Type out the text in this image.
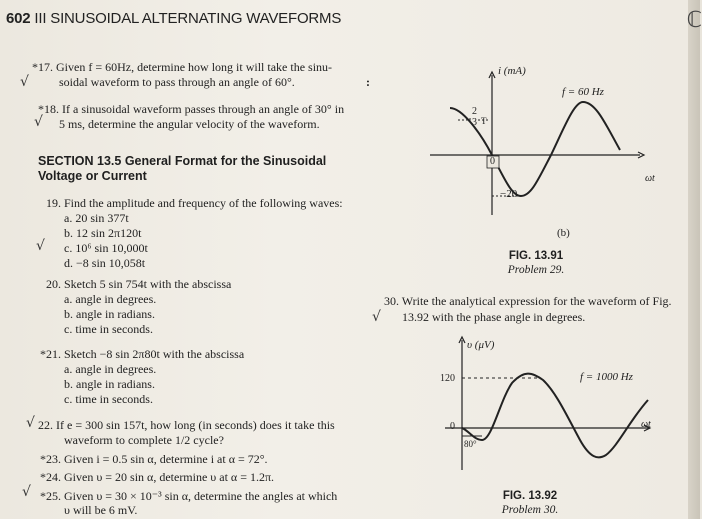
602 III SINUSOIDAL ALTERNATING WAVEFORMS
√
*17. Given f = 60Hz, determine how long it will take the sinu-
soidal waveform to pass through an angle of 60°.	:
*18. If a sinusoidal waveform passes through an angle of 30° in
√ 5 ms, determine the angular velocity of the waveform.
SECTION 13.5 General Format for the Sinusoidal
Voltage or Current
19. Find the amplitude and frequency of the following waves:
a. 20 sin 377t
b. 12 sin 2π120t
√ c. 10⁶ sin 10,000t
d. −8 sin 10,058t
20. Sketch 5 sin 754t with the abscissa
a. angle in degrees.
b. angle in radians.
c. time in seconds.
*21. Sketch −8 sin 2π80t with the abscissa
a. angle in degrees.
b. angle in radians.
c. time in seconds.
√ 22. If e = 300 sin 157t, how long (in seconds) does it take this
waveform to complete 1/2 cycle?
*23. Given i = 0.5 sin α, determine i at α = 72°.
*24. Given υ = 20 sin α, determine υ at α = 1.2π.
√ *25. Given υ = 30 × 10⁻³ sin α, determine the angles at which
υ will be 6 mV.
i (mA)
f = 60 Hz
ωt
2
3 T
0
−20
(b)
FIG. 13.91
Problem 29.
30. Write the analytical expression for the waveform of Fig.
√ 13.92 with the phase angle in degrees.
υ (μV)
120	f = 1000 Hz
ωt
0
80°
FIG. 13.92
Problem 30.
ℂ
